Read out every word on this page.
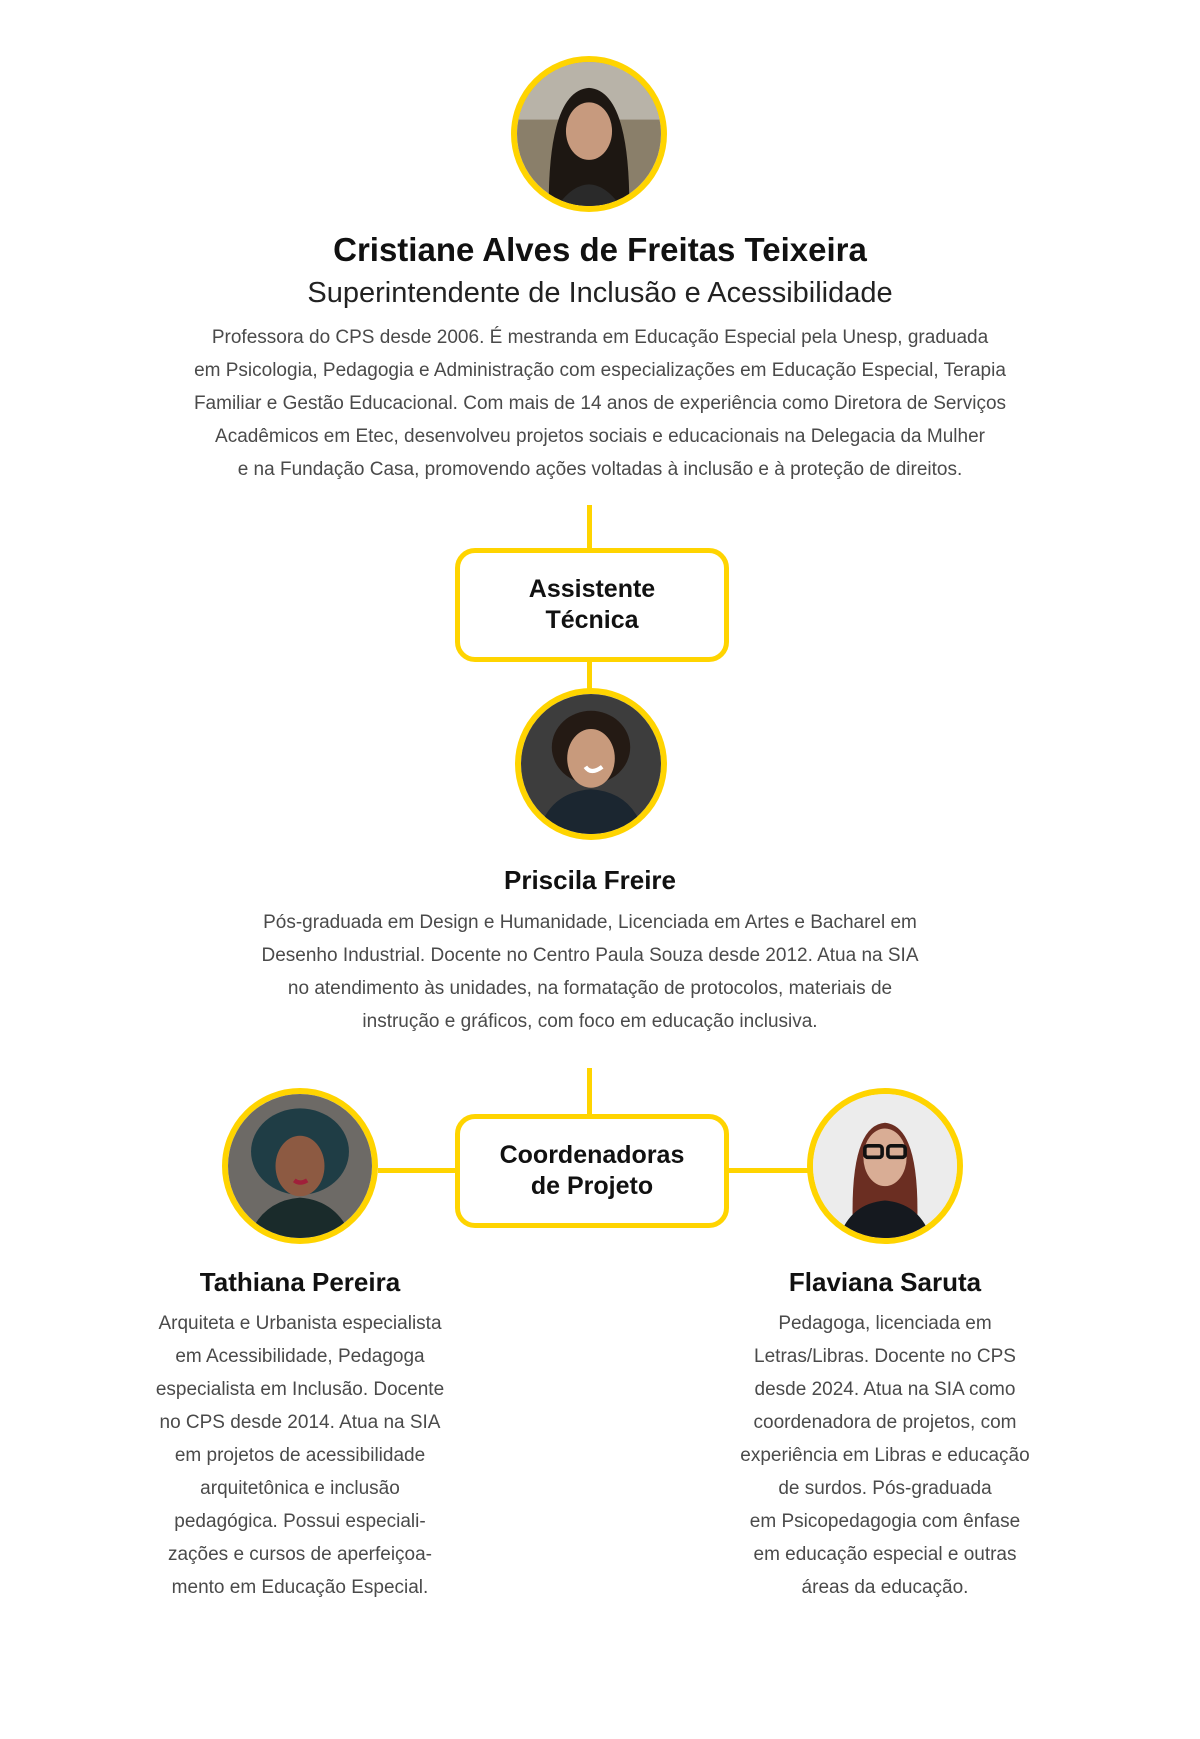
Cristiane Alves de Freitas Teixeira

Superintendente de Inclusão e Acessibilidade

Professora do CPS desde 2006. É mestranda em Educação Especial pela Unesp, graduada

em Psicologia, Pedagogia e Administração com especializações em Educação Especial, Terapia

Familiar e Gestão Educacional. Com mais de 14 anos de experiência como Diretora de Serviços

Acadêmicos em Etec, desenvolveu projetos sociais e educacionais na Delegacia da Mulher

e na Fundação Casa, promovendo ações voltadas à inclusão e à proteção de direitos.

Assistente
Técnica
Priscila Freire

Pós-graduada em Design e Humanidade, Licenciada em Artes e Bacharel em

Desenho Industrial. Docente no Centro Paula Souza desde 2012. Atua na SIA

no atendimento às unidades, na formatação de protocolos, materiais de

instrução e gráficos, com foco em educação inclusiva.

Coordenadoras
de Projeto
Tathiana Pereira

Arquiteta e Urbanista especialista

em Acessibilidade, Pedagoga

especialista em Inclusão. Docente

no CPS desde 2014. Atua na SIA

em projetos de acessibilidade

arquitetônica e inclusão

pedagógica. Possui especiali-

zações e cursos de aperfeiçoa-

mento em Educação Especial.

Flaviana Saruta

Pedagoga, licenciada em

Letras/Libras. Docente no CPS

desde 2024. Atua na SIA como

coordenadora de projetos, com

experiência em Libras e educação

de surdos. Pós-graduada

em Psicopedagogia com ênfase

em educação especial e outras

áreas da educação.
